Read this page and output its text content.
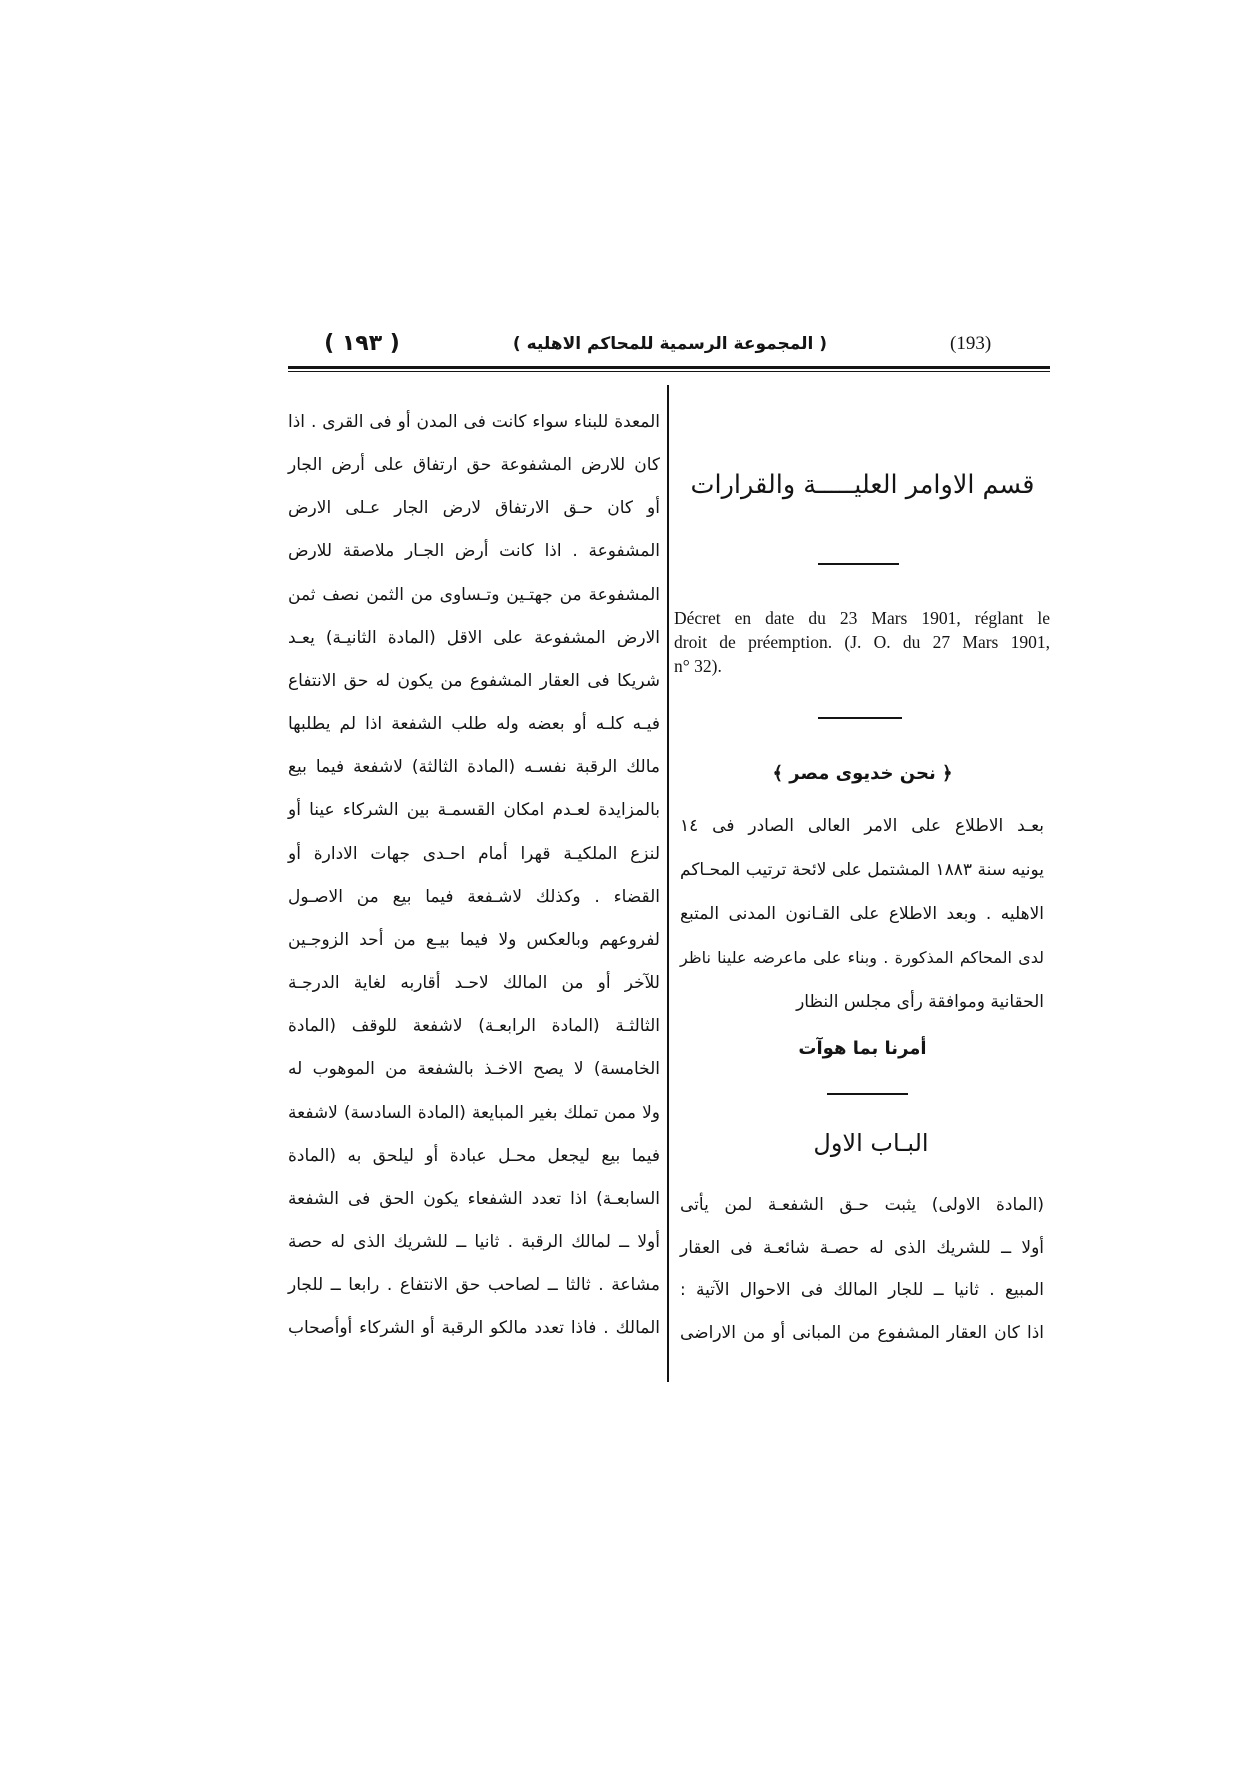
(193)
( المجموعة الرسمية للمحاكم الاهليه )
( ١٩٣ )
قسم الاوامر العليـــــة والقرارات
Décret en date du 23 Mars 1901, réglant le
droit de préemption. (J. O. du 27 Mars 1901,
n° 32).
﴿ نحن خديوى مصر ﴾
بعـد الاطلاع على الامر العالى الصادر فى ١٤
يونيه سنة ١٨٨٣ المشتمل على لائحة ترتيب المحـاكم
الاهليه . وبعد الاطلاع على القـانون المدنى المتبع
لدى المحاكم المذكورة . وبناء على ماعرضه علينا ناظر
الحقانية وموافقة رأى مجلس النظار
أمرنا بما هوآت
البـاب الاول
(المادة الاولى) يثبت حـق الشفعـة لمن يأتى
أولا ــ للشريك الذى له حصـة شائعـة فى العقار
المبيع . ثانيا ــ للجار المالك فى الاحوال الآتية :
اذا كان العقار المشفوع من المبانى أو من الاراضى
المعدة للبناء سواء كانت فى المدن أو فى القرى . اذا
كان للارض المشفوعة حق ارتفاق على أرض الجار
أو كان حـق الارتفاق لارض الجار عـلى الارض
المشفوعة . اذا كانت أرض الجـار ملاصقة للارض
المشفوعة من جهتـين وتـساوى من الثمن نصف ثمن
الارض المشفوعة على الاقل (المادة الثانيـة) يعـد
شريكا فى العقار المشفوع من يكون له حق الانتفاع
فيـه كلـه أو بعضه وله طلب الشفعة اذا لم يطلبها
مالك الرقبة نفسـه (المادة الثالثة) لاشفعة فيما بيع
بالمزايدة لعـدم امكان القسمـة بين الشركاء عينا أو
لنزع الملكيـة قهرا أمام احـدى جهات الادارة أو
القضاء . وكذلك لاشـفعة فيما بيع من الاصـول
لفروعهم وبالعكس ولا فيما بيـع من أحد الزوجـين
للآخر أو من المالك لاحـد أقاربه لغاية الدرجـة
الثالثـة (المادة الرابعـة) لاشفعة للوقف (المادة
الخامسة) لا يصح الاخـذ بالشفعة من الموهوب له
ولا ممن تملك بغير المبايعة (المادة السادسة) لاشفعة
فيما بيع ليجعل محـل عبادة أو ليلحق به (المادة
السابعـة) اذا تعدد الشفعاء يكون الحق فى الشفعة
أولا ــ لمالك الرقبة . ثانيا ــ للشريك الذى له حصة
مشاعة . ثالثا ــ لصاحب حق الانتفاع . رابعا ــ للجار
المالك . فاذا تعدد مالكو الرقبة أو الشركاء أوأصحاب
